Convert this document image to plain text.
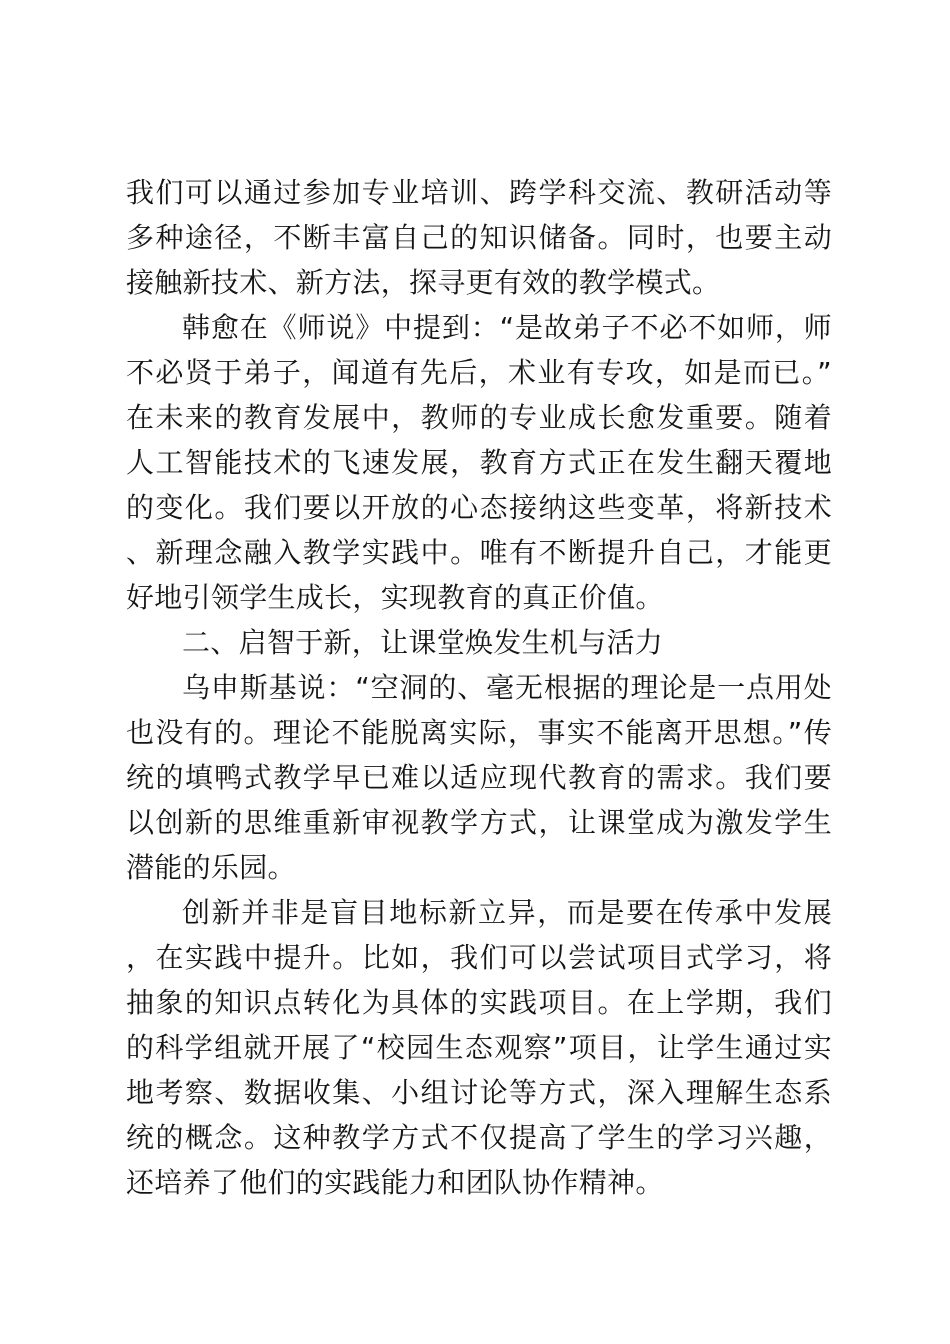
我们可以通过参加专业培训、跨学科交流、教研活动等多种途径，不断丰富自己的知识储备。同时，也要主动接触新技术、新方法，探寻更有效的教学模式。

韩愈在《师说》中提到：“是故弟子不必不如师，师不必贤于弟子，闻道有先后，术业有专攻，如是而已。”在未来的教育发展中，教师的专业成长愈发重要。随着人工智能技术的飞速发展，教育方式正在发生翻天覆地的变化。我们要以开放的心态接纳这些变革，将新技术、新理念融入教学实践中。唯有不断提升自己，才能更好地引领学生成长，实现教育的真正价值。

二、启智于新，让课堂焕发生机与活力

乌申斯基说：“空洞的、毫无根据的理论是一点用处也没有的。理论不能脱离实际，事实不能离开思想。”传统的填鸭式教学早已难以适应现代教育的需求。我们要以创新的思维重新审视教学方式，让课堂成为激发学生潜能的乐园。

创新并非是盲目地标新立异，而是要在传承中发展，在实践中提升。比如，我们可以尝试项目式学习，将抽象的知识点转化为具体的实践项目。在上学期，我们的科学组就开展了“校园生态观察”项目，让学生通过实地考察、数据收集、小组讨论等方式，深入理解生态系统的概念。这种教学方式不仅提高了学生的学习兴趣，还培养了他们的实践能力和团队协作精神。
